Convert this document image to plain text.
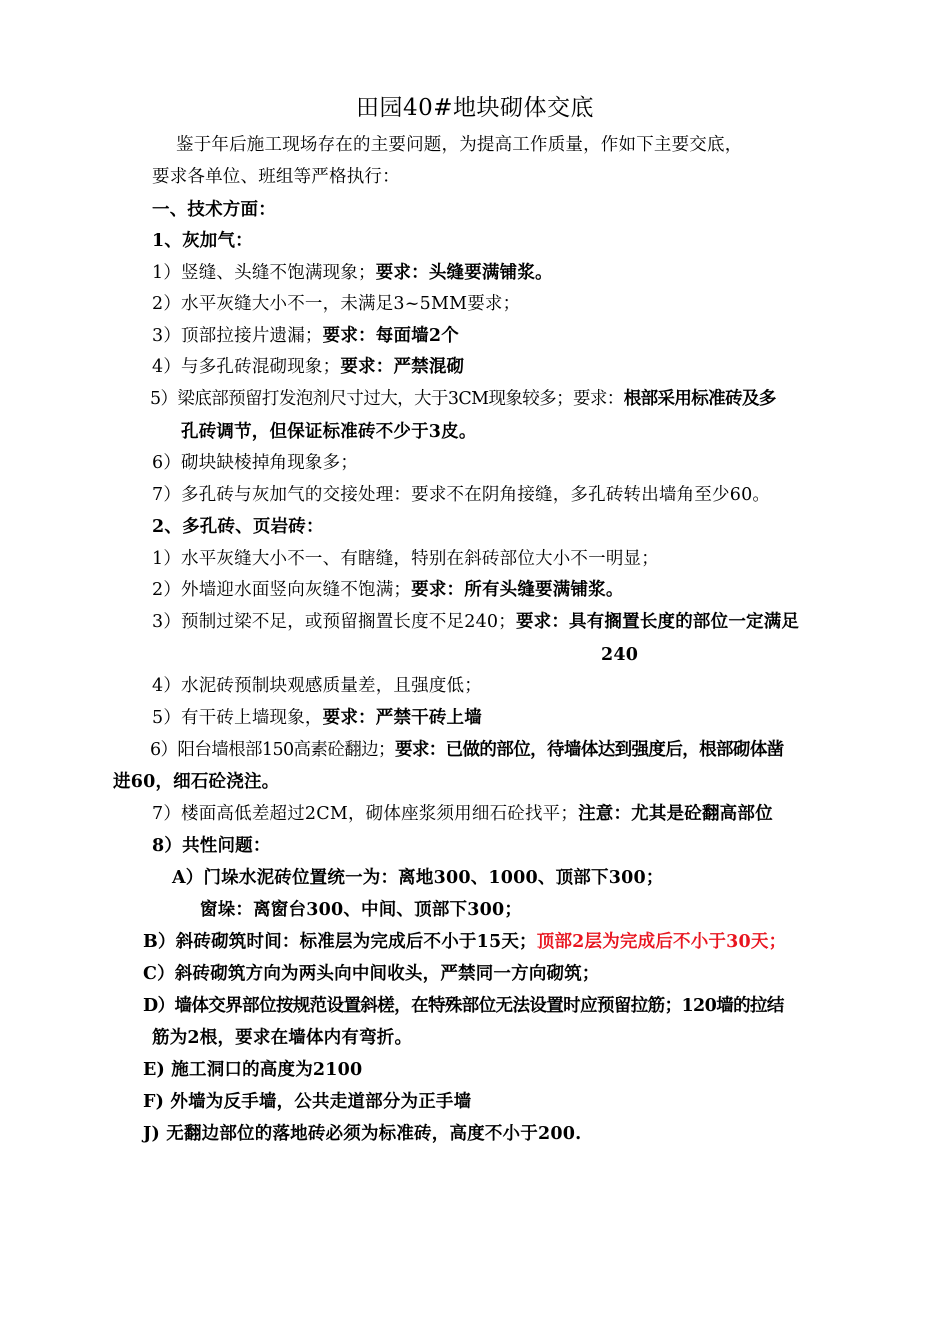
田园40#地块砌体交底
鉴于年后施工现场存在的主要问题，为提高工作质量，作如下主要交底，
要求各单位、班组等严格执行：
一、技术方面：
1、灰加气：
1）竖缝、头缝不饱满现象；要求：头缝要满铺浆。
2）水平灰缝大小不一，未满足3~5MM要求；
3）顶部拉接片遗漏；要求：每面墙2个
4）与多孔砖混砌现象；要求：严禁混砌
5）梁底部预留打发泡剂尺寸过大，大于3CM现象较多；要求：根部采用标准砖及多
孔砖调节，但保证标准砖不少于3皮。
6）砌块缺棱掉角现象多；
7）多孔砖与灰加气的交接处理：要求不在阴角接缝，多孔砖转出墙角至少60。
2、多孔砖、页岩砖：
1）水平灰缝大小不一、有瞎缝，特别在斜砖部位大小不一明显；
2）外墙迎水面竖向灰缝不饱满；要求：所有头缝要满铺浆。
3）预制过梁不足，或预留搁置长度不足240；要求：具有搁置长度的部位一定满足
240
4）水泥砖预制块观感质量差，且强度低；
5）有干砖上墙现象，要求：严禁干砖上墙
6）阳台墙根部150高素砼翻边；要求：已做的部位，待墙体达到强度后，根部砌体凿
进60，细石砼浇注。
7）楼面高低差超过2CM，砌体座浆须用细石砼找平；注意：尤其是砼翻高部位
8）共性问题：
A）门垛水泥砖位置统一为：离地300、1000、顶部下300；
窗垛：离窗台300、中间、顶部下300；
B）斜砖砌筑时间：标准层为完成后不小于15天；顶部2层为完成后不小于30天；
C）斜砖砌筑方向为两头向中间收头，严禁同一方向砌筑；
D）墙体交界部位按规范设置斜槎，在特殊部位无法设置时应预留拉筋；120墙的拉结
筋为2根，要求在墙体内有弯折。
E) 施工洞口的高度为2100
F) 外墙为反手墙，公共走道部分为正手墙
J) 无翻边部位的落地砖必须为标准砖，高度不小于200.
